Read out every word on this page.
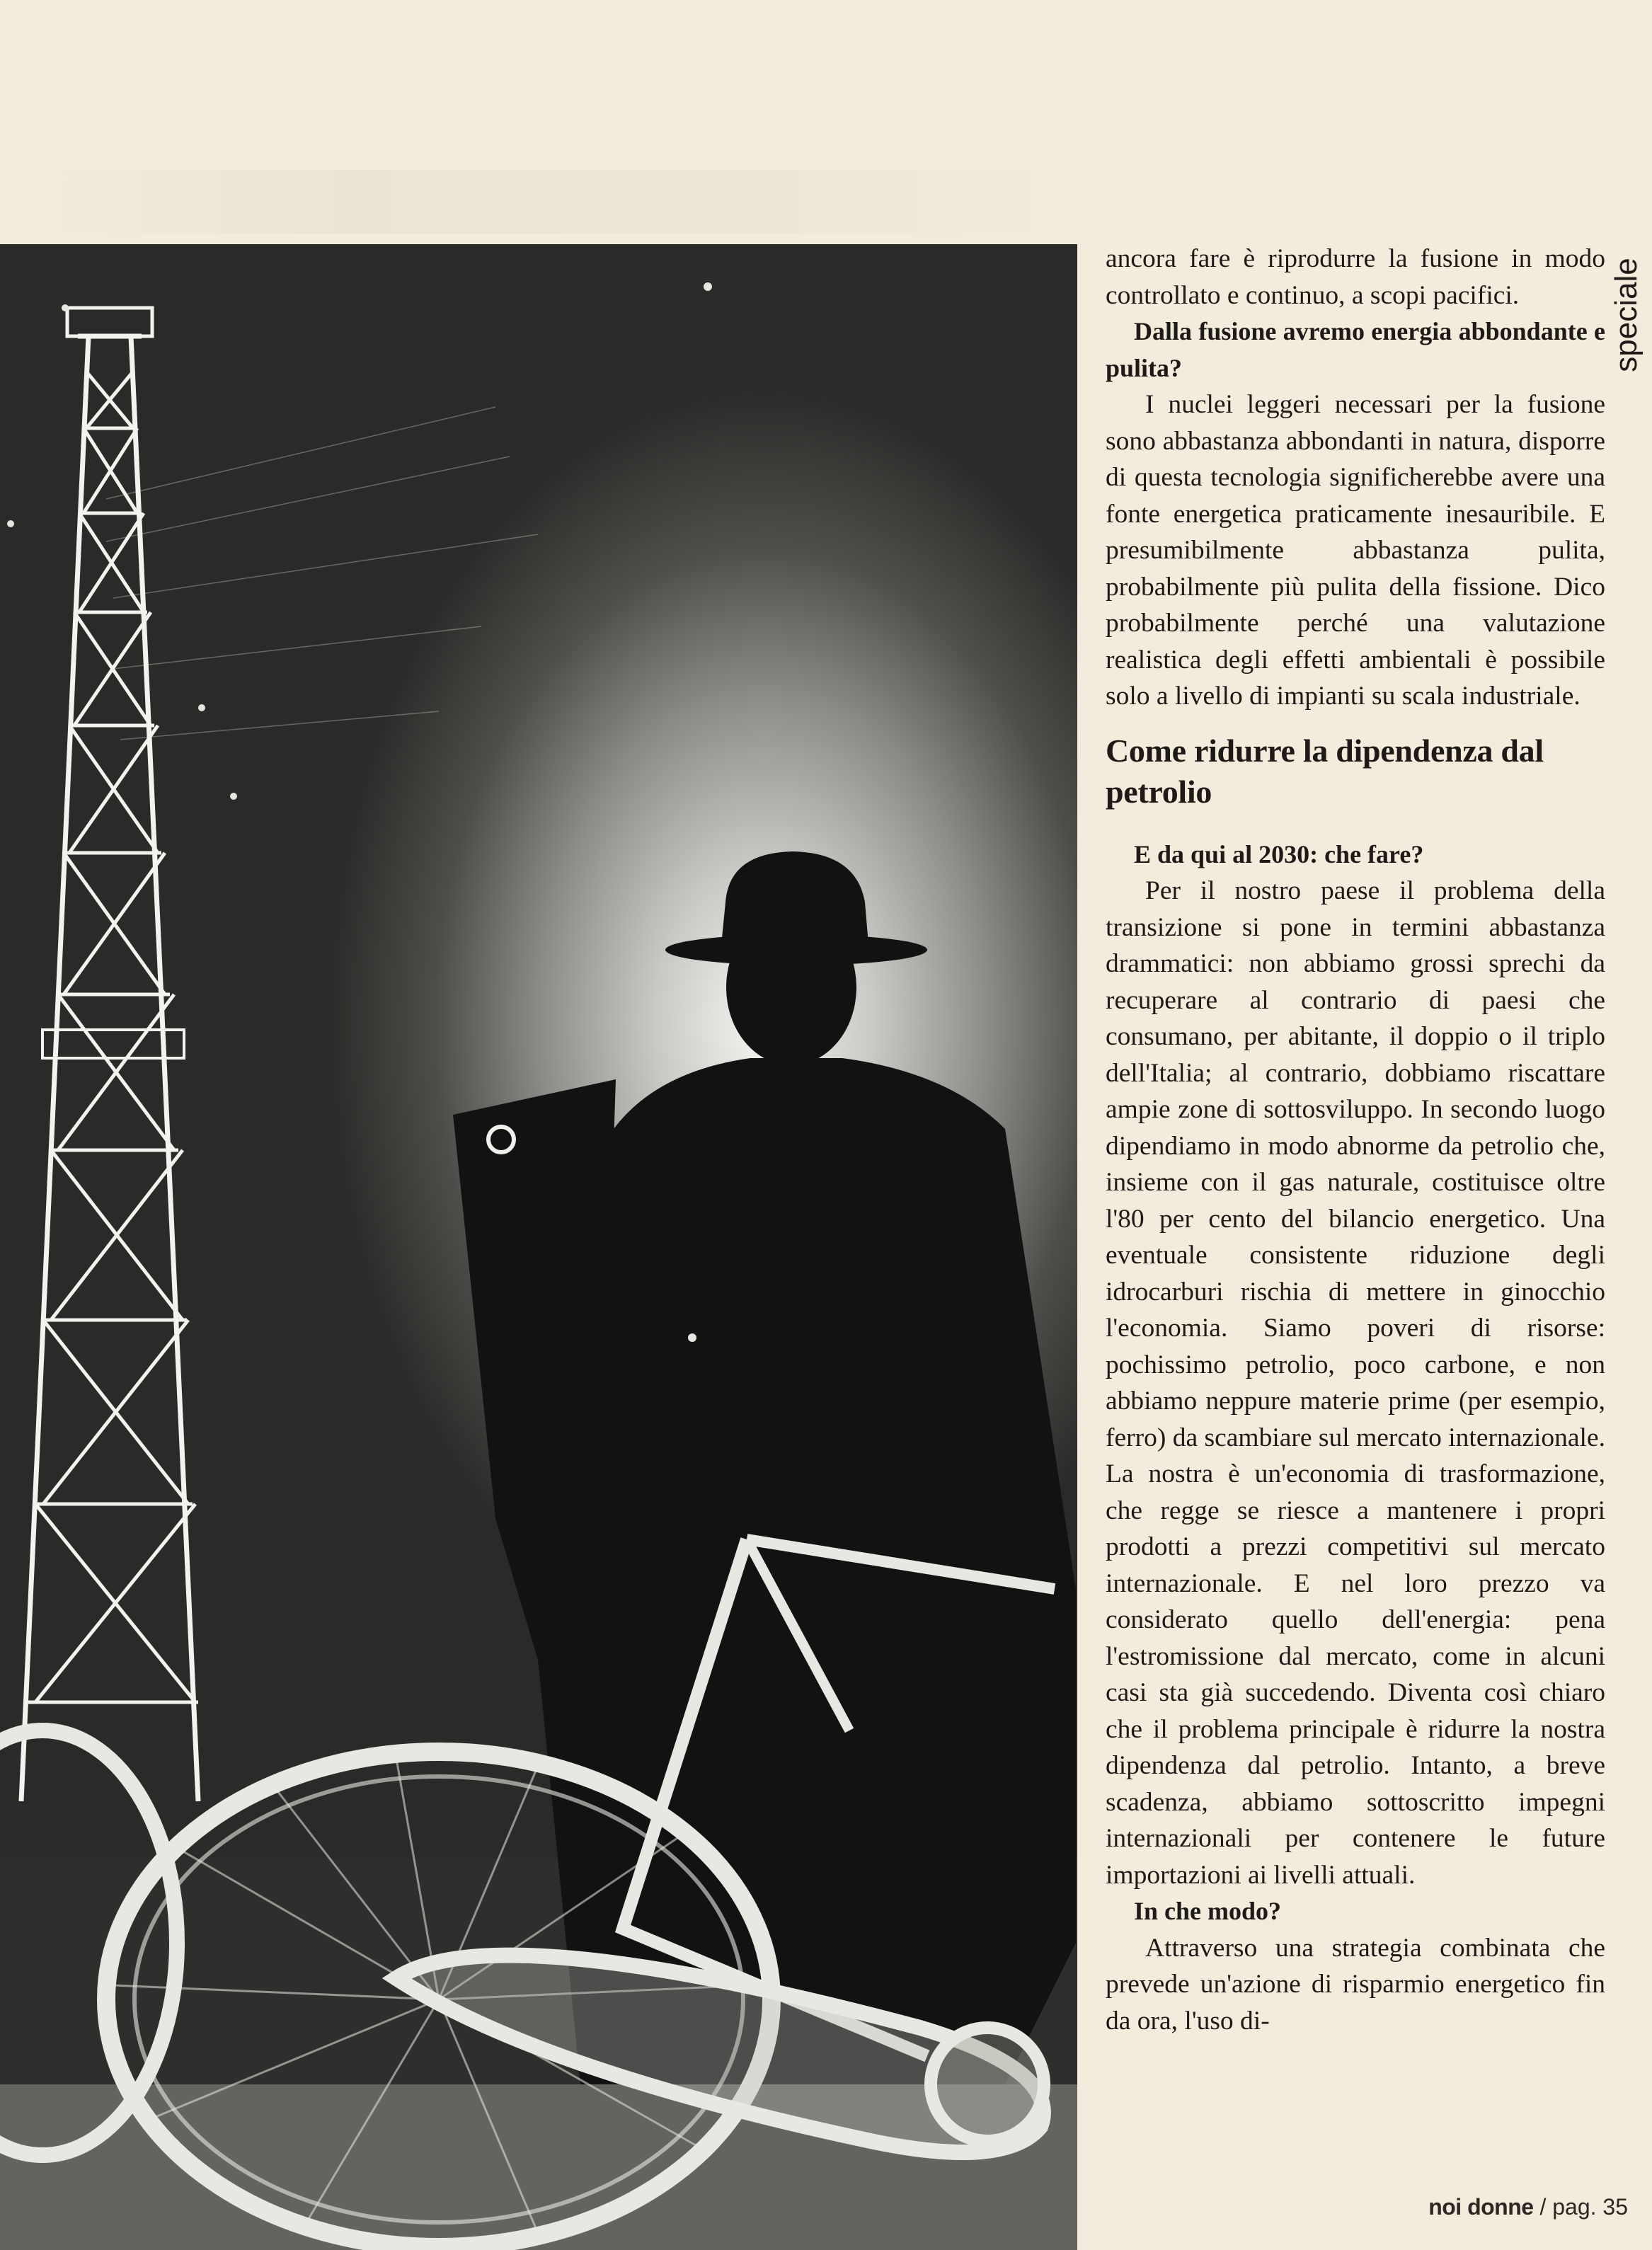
speciale

ancora fare è riprodurre la fusione in modo controllato e continuo, a scopi pacifici.

Dalla fusione avremo energia abbondante e pulita?

I nuclei leggeri necessari per la fusione sono abbastanza abbondanti in natura, disporre di questa tecnologia significherebbe avere una fonte energetica praticamente inesauribile. E presumibilmente abbastanza pulita, probabilmente più pulita della fissione. Dico probabilmente perché una valutazione realistica degli effetti ambientali è possibile solo a livello di impianti su scala industriale.

Come ridurre la dipendenza dal petrolio

E da qui al 2030: che fare?

Per il nostro paese il problema della transizione si pone in termini abbastanza drammatici: non abbiamo grossi sprechi da recuperare al contrario di paesi che consumano, per abitante, il doppio o il triplo dell'Italia; al contrario, dobbiamo riscattare ampie zone di sottosviluppo. In secondo luogo dipendiamo in modo abnorme da petrolio che, insieme con il gas naturale, costituisce oltre l'80 per cento del bilancio energetico. Una eventuale consistente riduzione degli idrocarburi rischia di mettere in ginocchio l'economia. Siamo poveri di risorse: pochissimo petrolio, poco carbone, e non abbiamo neppure materie prime (per esempio, ferro) da scambiare sul mercato internazionale. La nostra è un'economia di trasformazione, che regge se riesce a mantenere i propri prodotti a prezzi competitivi sul mercato internazionale. E nel loro prezzo va considerato quello dell'energia: pena l'estromissione dal mercato, come in alcuni casi sta già succedendo. Diventa così chiaro che il problema principale è ridurre la nostra dipendenza dal petrolio. Intanto, a breve scadenza, abbiamo sottoscritto impegni internazionali per contenere le future importazioni ai livelli attuali.

In che modo?

Attraverso una strategia combinata che prevede un'azione di risparmio energetico fin da ora, l'uso di-

noi donne / pag. 35
